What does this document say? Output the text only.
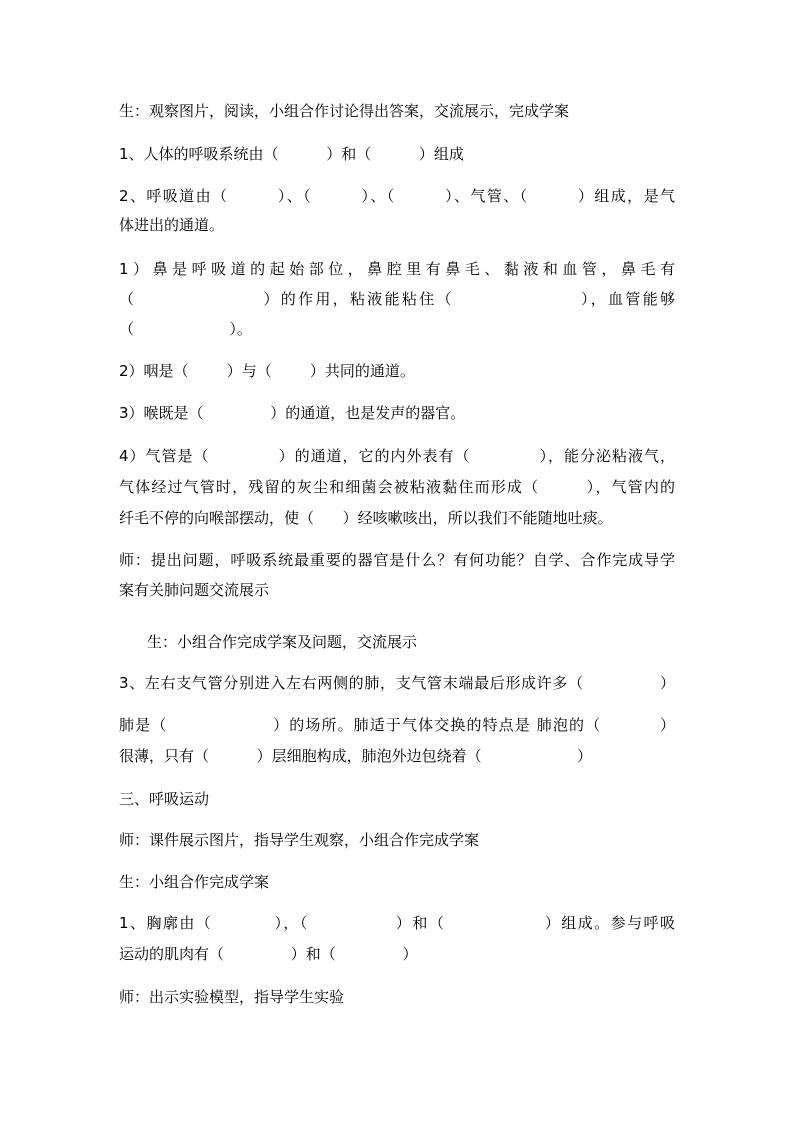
生：观察图片，阅读，小组合作讨论得出答案，交流展示，完成学案
1、人体的呼吸系统由（          ）和（          ）组成
2、呼吸道由（        ）、（        ）、（        ）、气管、（        ）组成，是气
体进出的通道。
1）鼻是呼吸道的起始部位，鼻腔里有鼻毛、黏液和血管，鼻毛有
（                  ）的作用，粘液能粘住（                  ），血管能够
（                    ）。
2）咽是（        ）与（        ）共同的通道。
3）喉既是（              ）的通道，也是发声的器官。
4）气管是（            ）的通道，它的内外表有（            ），能分泌粘液气，
气体经过气管时，残留的灰尘和细菌会被粘液黏住而形成（        ），气管内的
纤毛不停的向喉部摆动，使（      ）经咳嗽咳出，所以我们不能随地吐痰。
师：提出问题，呼吸系统最重要的器官是什么？有何功能？自学、合作完成导学
案有关肺问题交流展示
生：小组合作完成学案及问题，交流展示
3、左右支气管分别进入左右两侧的肺，支气管末端最后形成许多（              ）
肺是（                  ）的场所。肺适于气体交换的特点是 肺泡的（          ）
很薄，只有（          ）层细胞构成，肺泡外边包绕着（                    ）
三、呼吸运动
师：课件展示图片，指导学生观察，小组合作完成学案
生：小组合作完成学案
1、胸廓由（          ），（              ）和（                ）组成。参与呼吸
运动的肌肉有（              ）和（              ）
师：出示实验模型，指导学生实验
